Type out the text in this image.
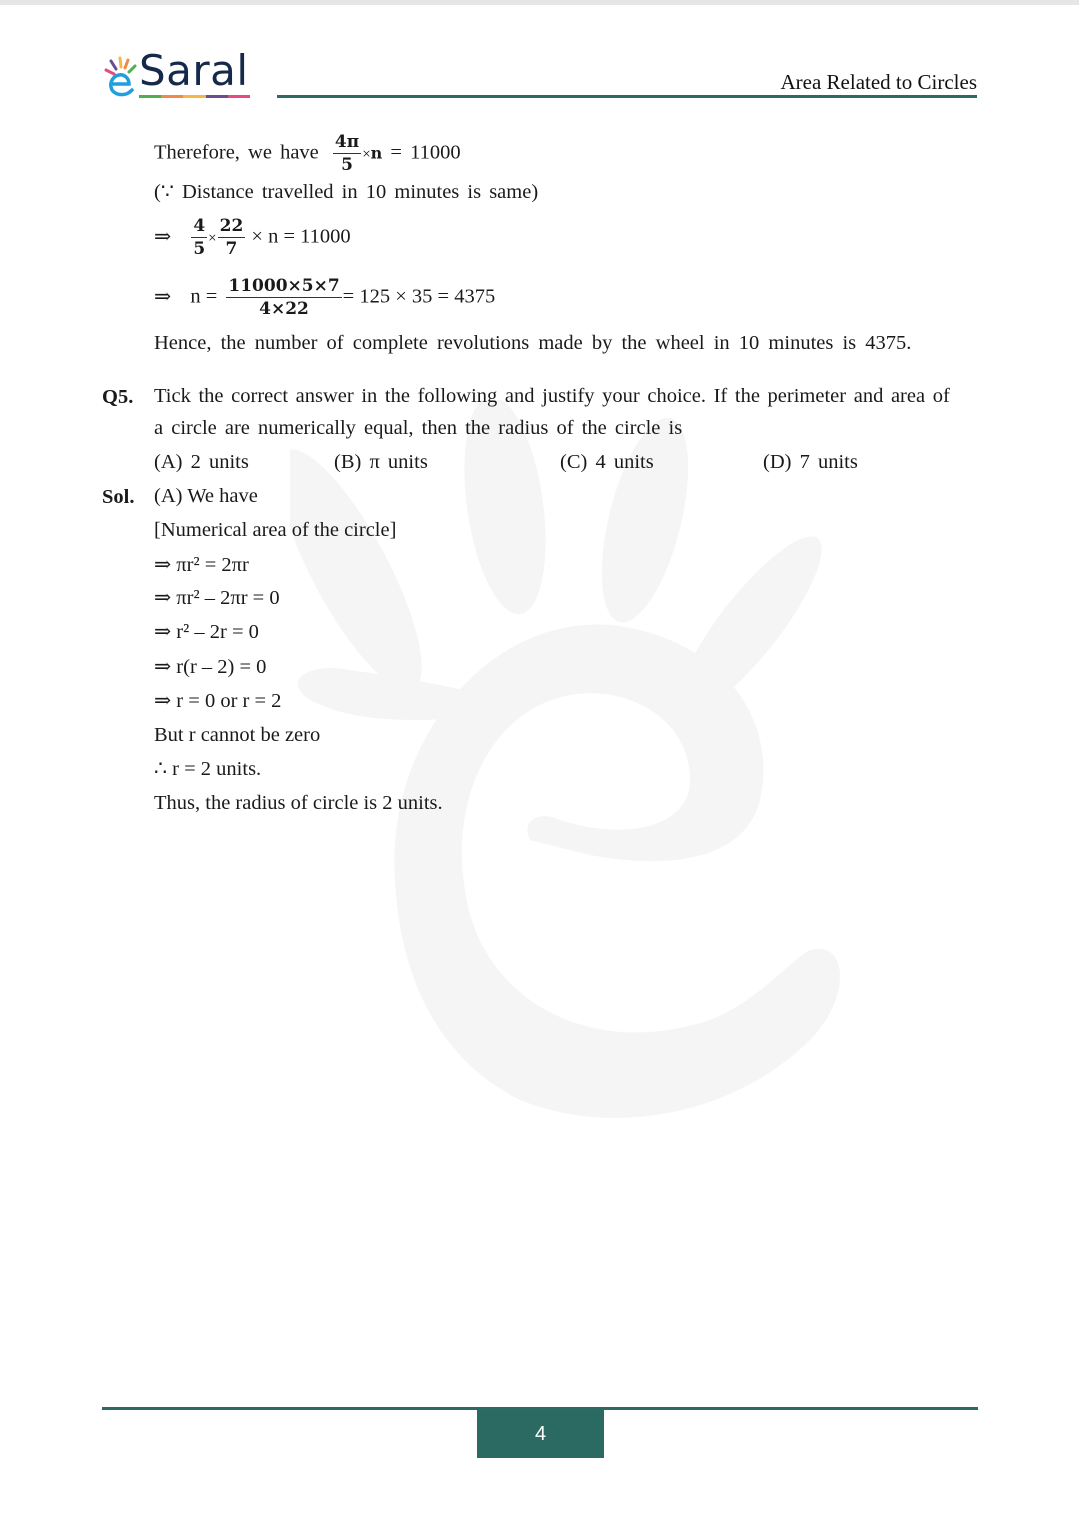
Saral	Area Related to Circles
Therefore, we have $\frac{4\pi}{5} \times n = 11000$
(∵ Distance travelled in 10 minutes is same)
⇒ $\frac{4}{5} \times \frac{22}{7} \times n = 11000$
⇒ $n = \frac{11000\times 5\times 7}{4\times 22} = 125 \times 35 = 4375$
Hence, the number of complete revolutions made by the wheel in 10 minutes is 4375.
Q5. Tick the correct answer in the following and justify your choice. If the perimeter and area of
a circle are numerically equal, then the radius of the circle is
(A) 2 units	(B) π units	(C) 4 units	(D) 7 units
Sol. (A) We have
[Numerical area of the circle]
⇒ πr² = 2πr
⇒ πr² – 2πr = 0
⇒ r² – 2r = 0
⇒ r(r – 2) = 0
⇒ r = 0 or r = 2
But r cannot be zero
∴ r = 2 units.
Thus, the radius of circle is 2 units.
4
